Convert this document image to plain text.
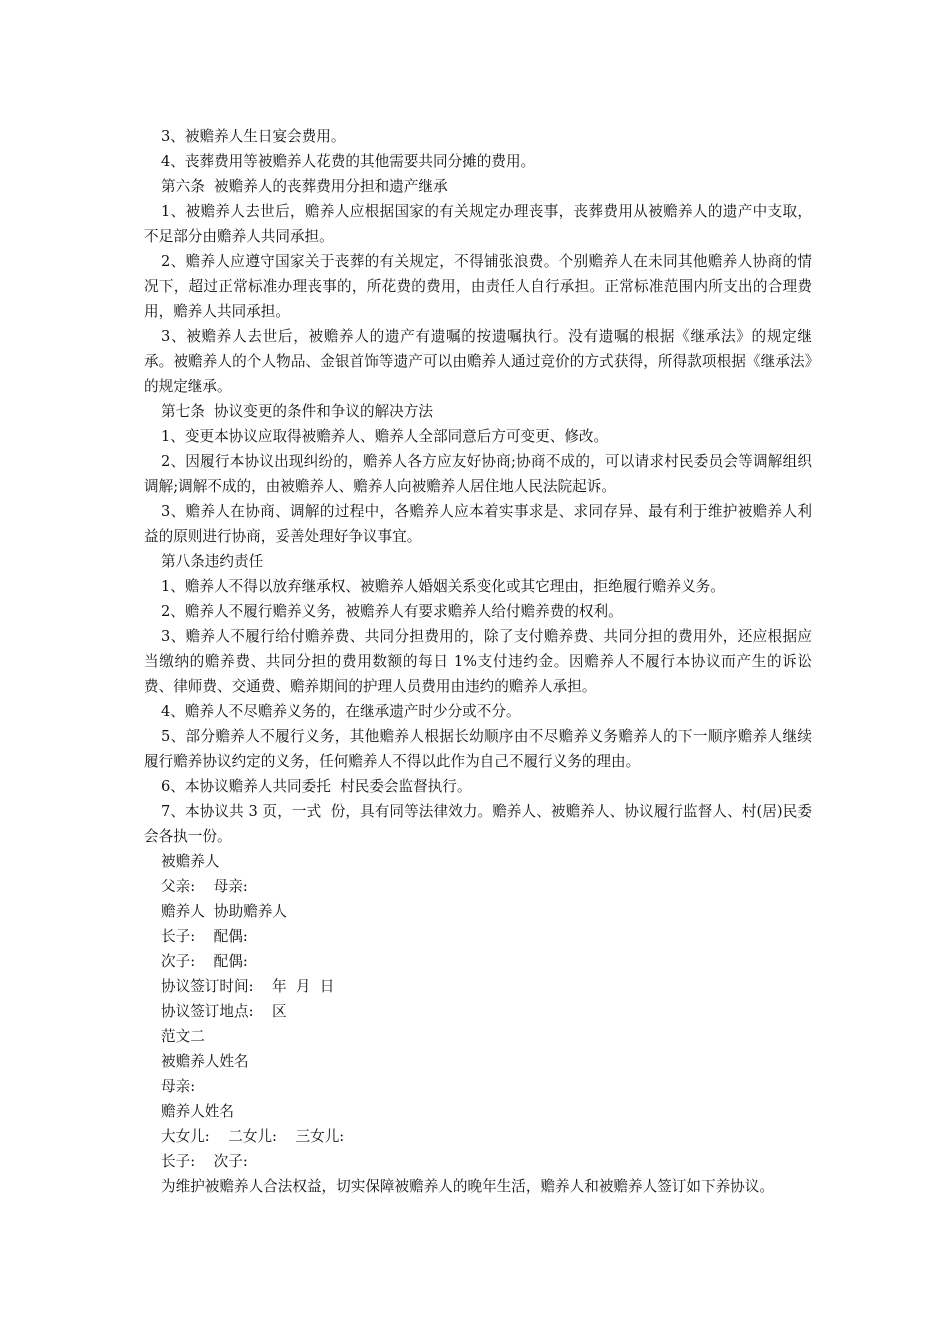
3、被赡养人生日宴会费用。

4、丧葬费用等被赡养人花费的其他需要共同分摊的费用。

第六条  被赡养人的丧葬费用分担和遗产继承

1、被赡养人去世后，赡养人应根据国家的有关规定办理丧事，丧葬费用从被赡养人的遗产中支取，不足部分由赡养人共同承担。

2、赡养人应遵守国家关于丧葬的有关规定，不得铺张浪费。个别赡养人在未同其他赡养人协商的情况下，超过正常标准办理丧事的，所花费的费用，由责任人自行承担。正常标准范围内所支出的合理费用，赡养人共同承担。

3、被赡养人去世后，被赡养人的遗产有遗嘱的按遗嘱执行。没有遗嘱的根据《继承法》的规定继承。被赡养人的个人物品、金银首饰等遗产可以由赡养人通过竞价的方式获得，所得款项根据《继承法》的规定继承。

第七条  协议变更的条件和争议的解决方法

1、变更本协议应取得被赡养人、赡养人全部同意后方可变更、修改。

2、因履行本协议出现纠纷的，赡养人各方应友好协商;协商不成的，可以请求村民委员会等调解组织调解;调解不成的，由被赡养人、赡养人向被赡养人居住地人民法院起诉。

3、赡养人在协商、调解的过程中，各赡养人应本着实事求是、求同存异、最有利于维护被赡养人利益的原则进行协商，妥善处理好争议事宜。

第八条违约责任

1、赡养人不得以放弃继承权、被赡养人婚姻关系变化或其它理由，拒绝履行赡养义务。

2、赡养人不履行赡养义务，被赡养人有要求赡养人给付赡养费的权利。

3、赡养人不履行给付赡养费、共同分担费用的，除了支付赡养费、共同分担的费用外，还应根据应当缴纳的赡养费、共同分担的费用数额的每日 1%支付违约金。因赡养人不履行本协议而产生的诉讼费、律师费、交通费、赡养期间的护理人员费用由违约的赡养人承担。

4、赡养人不尽赡养义务的，在继承遗产时少分或不分。

5、部分赡养人不履行义务，其他赡养人根据长幼顺序由不尽赡养义务赡养人的下一顺序赡养人继续履行赡养协议约定的义务，任何赡养人不得以此作为自己不履行义务的理由。

6、本协议赡养人共同委托  村民委会监督执行。

7、本协议共 3 页，一式  份，具有同等法律效力。赡养人、被赡养人、协议履行监督人、村(居)民委会各执一份。

被赡养人

父亲:    母亲:

赡养人  协助赡养人

长子:    配偶:

次子:    配偶:

协议签订时间:    年  月  日

协议签订地点:    区

范文二

被赡养人姓名

母亲:

赡养人姓名

大女儿:    二女儿:    三女儿:

长子:    次子:

为维护被赡养人合法权益，切实保障被赡养人的晚年生活，赡养人和被赡养人签订如下养协议。
